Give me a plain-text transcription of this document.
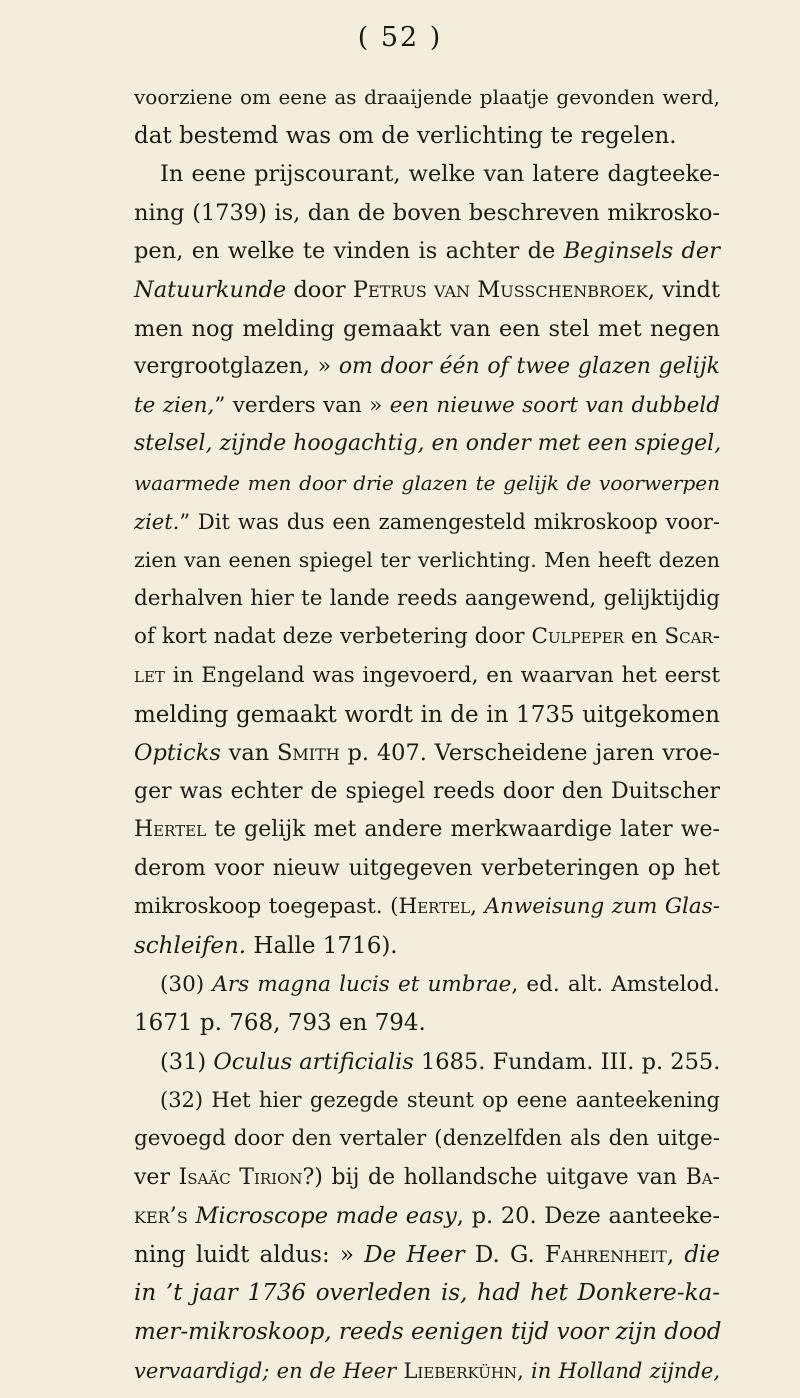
( 52 )
voorziene om eene as draaijende plaatje gevonden werd,
dat bestemd was om de verlichting te regelen.
In eene prijscourant, welke van latere dagteeke-
ning (1739) is, dan de boven beschreven mikrosko-
pen, en welke te vinden is achter de Beginsels der
Natuurkunde door Petrus van Musschenbroek, vindt
men nog melding gemaakt van een stel met negen
vergrootglazen, » om door één of twee glazen gelijk
te zien,” verders van » een nieuwe soort van dubbeld
stelsel, zijnde hoogachtig, en onder met een spiegel,
waarmede men door drie glazen te gelijk de voorwerpen
ziet.” Dit was dus een zamengesteld mikroskoop voor-
zien van eenen spiegel ter verlichting. Men heeft dezen
derhalven hier te lande reeds aangewend, gelijktijdig
of kort nadat deze verbetering door Culpeper en Scar-
let in Engeland was ingevoerd, en waarvan het eerst
melding gemaakt wordt in de in 1735 uitgekomen
Opticks van Smith p. 407. Verscheidene jaren vroe-
ger was echter de spiegel reeds door den Duitscher
Hertel te gelijk met andere merkwaardige later we-
derom voor nieuw uitgegeven verbeteringen op het
mikroskoop toegepast. (Hertel, Anweisung zum Glas-
schleifen. Halle 1716).
(30) Ars magna lucis et umbrae, ed. alt. Amstelod.
1671 p. 768, 793 en 794.
(31) Oculus artificialis 1685. Fundam. III. p. 255.
(32) Het hier gezegde steunt op eene aanteekening
gevoegd door den vertaler (denzelfden als den uitge-
ver Isaäc Tirion?) bij de hollandsche uitgave van Ba-
ker’s Microscope made easy, p. 20. Deze aanteeke-
ning luidt aldus: » De Heer D. G. Fahrenheit, die
in ’t jaar 1736 overleden is, had het Donkere-ka-
mer-mikroskoop, reeds eenigen tijd voor zijn dood
vervaardigd; en de Heer Lieberkühn, in Holland zijnde,
